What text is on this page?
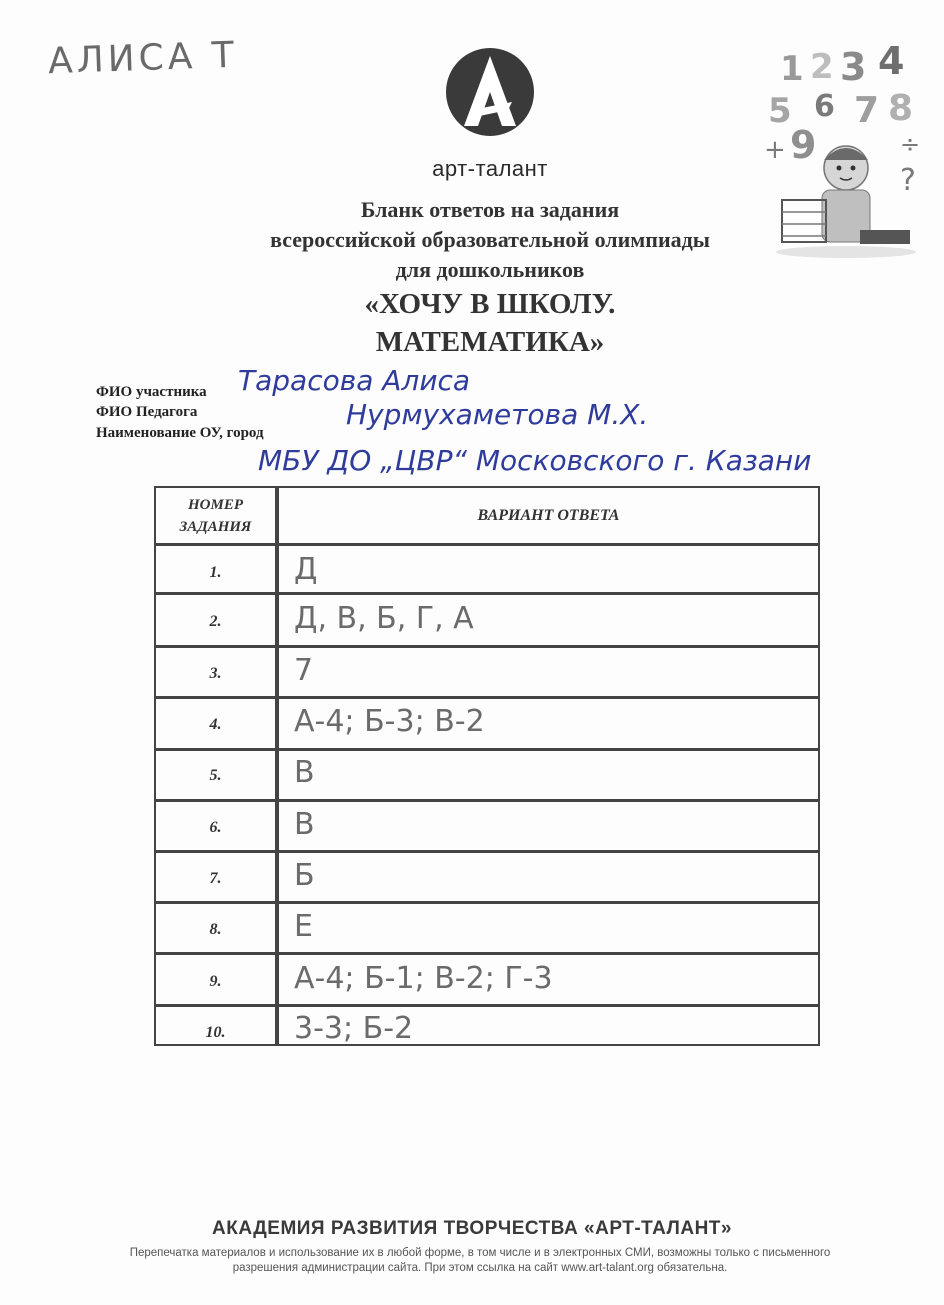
АЛИСА Т
арт-талант
1 2 3 4
5 6 7 8
9
+	÷
?
Бланк ответов на задания
всероссийской образовательной олимпиады
для дошкольников
«ХОЧУ В ШКОЛУ.
МАТЕМАТИКА»
ФИО участника
ФИО Педагога
Наименование ОУ, город
Тарасова Алиса
Нурмухаметова М.Х.
МБУ ДО „ЦВР“ Московского г. Казани
НОМЕР ЗАДАНИЯ
ВАРИАНТ ОТВЕТА
1.	Д
2.	Д, В, Б, Г, А
3.	7
4.	А-4; Б-3; В-2
5.	В
6.	В
7.	Б
8.	Е
9.	А-4; Б-1; В-2; Г-3
10.	3-3; Б-2
АКАДЕМИЯ РАЗВИТИЯ ТВОРЧЕСТВА «АРТ-ТАЛАНТ»
Перепечатка материалов и использование их в любой форме, в том числе и в электронных СМИ, возможны только с письменного разрешения администрации сайта. При этом ссылка на сайт www.art-talant.org обязательна.
